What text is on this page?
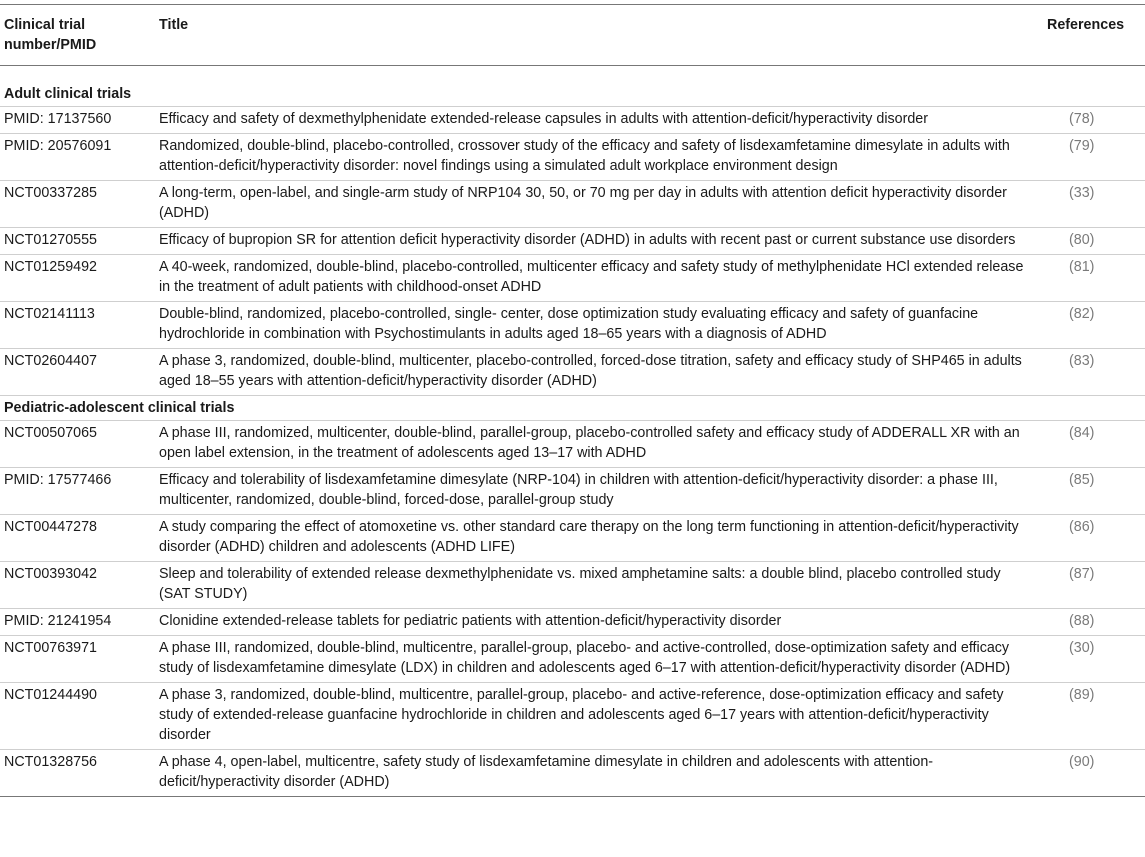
Clinical trial number/PMID	Title	References
Adult clinical trials		
PMID: 17137560	Efficacy and safety of dexmethylphenidate extended-release capsules in adults with attention-deficit/hyperactivity disorder	(78)
PMID: 20576091	Randomized, double-blind, placebo-controlled, crossover study of the efficacy and safety of lisdexamfetamine dimesylate in adults with attention-deficit/hyperactivity disorder: novel findings using a simulated adult workplace environment design	(79)
NCT00337285	A long-term, open-label, and single-arm study of NRP104 30, 50, or 70 mg per day in adults with attention deficit hyperactivity disorder (ADHD)	(33)
NCT01270555	Efficacy of bupropion SR for attention deficit hyperactivity disorder (ADHD) in adults with recent past or current substance use disorders	(80)
NCT01259492	A 40-week, randomized, double-blind, placebo-controlled, multicenter efficacy and safety study of methylphenidate HCl extended release in the treatment of adult patients with childhood-onset ADHD	(81)
NCT02141113	Double-blind, randomized, placebo-controlled, single- center, dose optimization study evaluating efficacy and safety of guanfacine hydrochloride in combination with Psychostimulants in adults aged 18–65 years with a diagnosis of ADHD	(82)
NCT02604407	A phase 3, randomized, double-blind, multicenter, placebo-controlled, forced-dose titration, safety and efficacy study of SHP465 in adults aged 18–55 years with attention-deficit/hyperactivity disorder (ADHD)	(83)
Pediatric-adolescent clinical trials		
NCT00507065	A phase III, randomized, multicenter, double-blind, parallel-group, placebo-controlled safety and efficacy study of ADDERALL XR with an open label extension, in the treatment of adolescents aged 13–17 with ADHD	(84)
PMID: 17577466	Efficacy and tolerability of lisdexamfetamine dimesylate (NRP-104) in children with attention-deficit/hyperactivity disorder: a phase III, multicenter, randomized, double-blind, forced-dose, parallel-group study	(85)
NCT00447278	A study comparing the effect of atomoxetine vs. other standard care therapy on the long term functioning in attention-deficit/hyperactivity disorder (ADHD) children and adolescents (ADHD LIFE)	(86)
NCT00393042	Sleep and tolerability of extended release dexmethylphenidate vs. mixed amphetamine salts: a double blind, placebo controlled study (SAT STUDY)	(87)
PMID: 21241954	Clonidine extended-release tablets for pediatric patients with attention-deficit/hyperactivity disorder	(88)
NCT00763971	A phase III, randomized, double-blind, multicentre, parallel-group, placebo- and active-controlled, dose-optimization safety and efficacy study of lisdexamfetamine dimesylate (LDX) in children and adolescents aged 6–17 with attention-deficit/hyperactivity disorder (ADHD)	(30)
NCT01244490	A phase 3, randomized, double-blind, multicentre, parallel-group, placebo- and active-reference, dose-optimization efficacy and safety study of extended-release guanfacine hydrochloride in children and adolescents aged 6–17 years with attention-deficit/hyperactivity disorder	(89)
NCT01328756	A phase 4, open-label, multicentre, safety study of lisdexamfetamine dimesylate in children and adolescents with attention-deficit/hyperactivity disorder (ADHD)	(90)
